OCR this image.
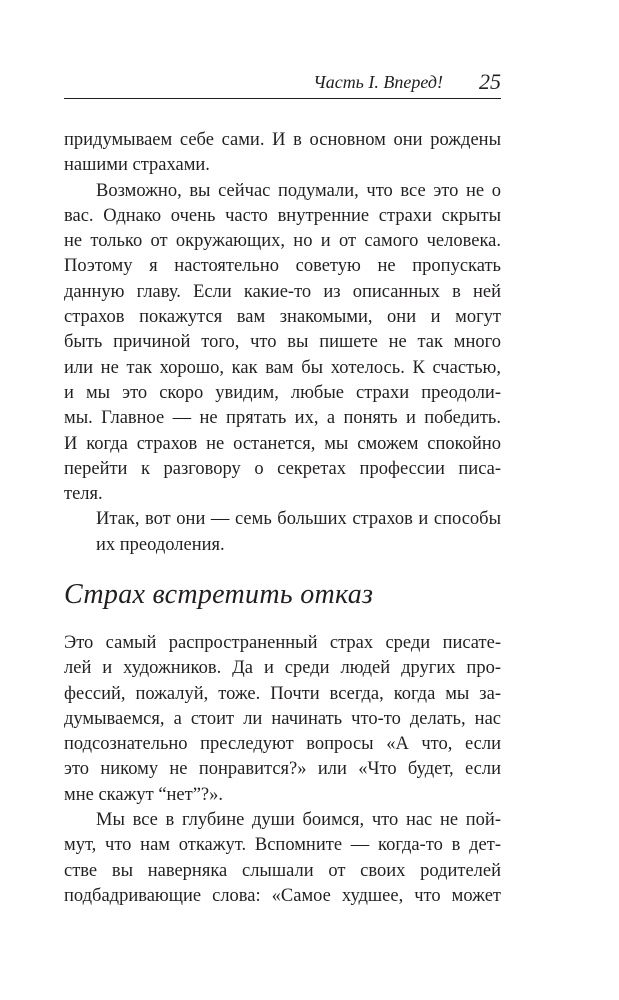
Часть I. Вперед! 25
придумываем себе сами. И в основном они рождены
нашими страхами.
Возможно, вы сейчас подумали, что все это не о
вас. Однако очень часто внутренние страхи скрыты
не только от окружающих, но и от самого человека.
Поэтому я настоятельно советую не пропускать
данную главу. Если какие-то из описанных в ней
страхов покажутся вам знакомыми, они и могут
быть причиной того, что вы пишете не так много
или не так хорошо, как вам бы хотелось. К счастью,
и мы это скоро увидим, любые страхи преодоли-
мы. Главное — не прятать их, а понять и победить.
И когда страхов не останется, мы сможем спокойно
перейти к разговору о секретах профессии писа-
теля.
Итак, вот они — семь больших страхов и способы
их преодоления.
Страх встретить отказ
Это самый распространенный страх среди писате-
лей и художников. Да и среди людей других про-
фессий, пожалуй, тоже. Почти всегда, когда мы за-
думываемся, а стоит ли начинать что-то делать, нас
подсознательно преследуют вопросы «А что, если
это никому не понравится?» или «Что будет, если
мне скажут “нет”?».
Мы все в глубине души боимся, что нас не пой-
мут, что нам откажут. Вспомните — когда-то в дет-
стве вы наверняка слышали от своих родителей
подбадривающие слова: «Самое худшее, что может
